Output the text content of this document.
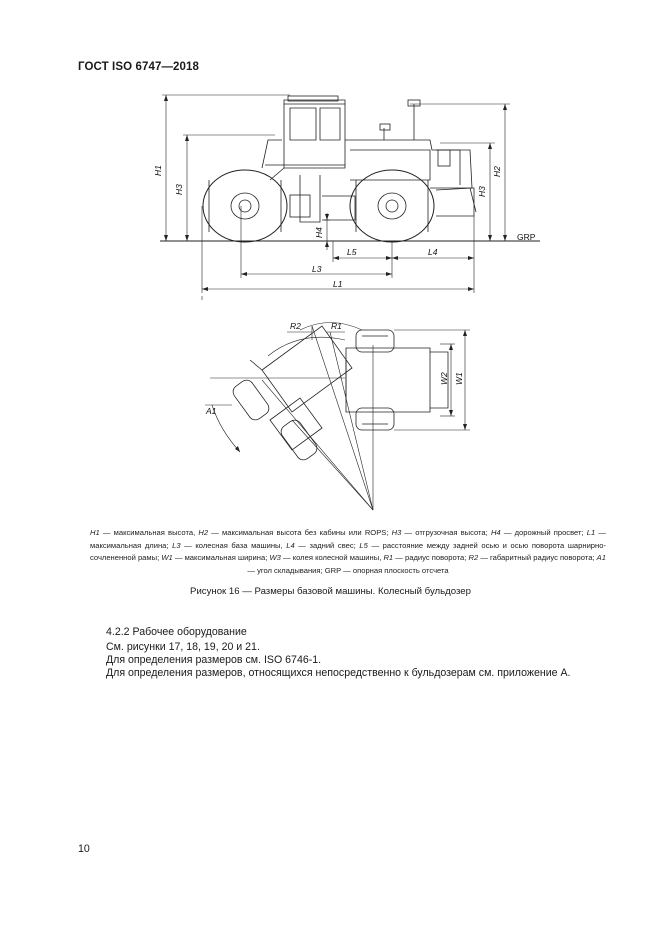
ГОСТ ISO 6747—2018
H1
H3
H2
H3
H4
L5	L4
L3
L1
R2	R1
A1
W2 W1
GRP
H1 — максимальная высота, H2 — максимальная высота без кабины или ROPS; H3 — отгрузочная высота; H4 — дорожный просвет; L1 — максимальная длина; L3 — колесная база машины, L4 — задний свес; L5 — расстояние между задней осью и осью поворота шарнирно-сочлененной рамы; W1 — максимальная ширина; W3 — колея колесной машины, R1 — радиус поворота; R2 — габаритный радиус поворота; A1 — угол складывания; GRP — опорная плоскость отсчета
Рисунок 16 — Размеры базовой машины. Колесный бульдозер
4.2.2 Рабочее оборудование
См. рисунки 17, 18, 19, 20 и 21.
Для определения размеров см. ISO 6746-1.
Для определения размеров, относящихся непосредственно к бульдозерам см. приложение А.
10
